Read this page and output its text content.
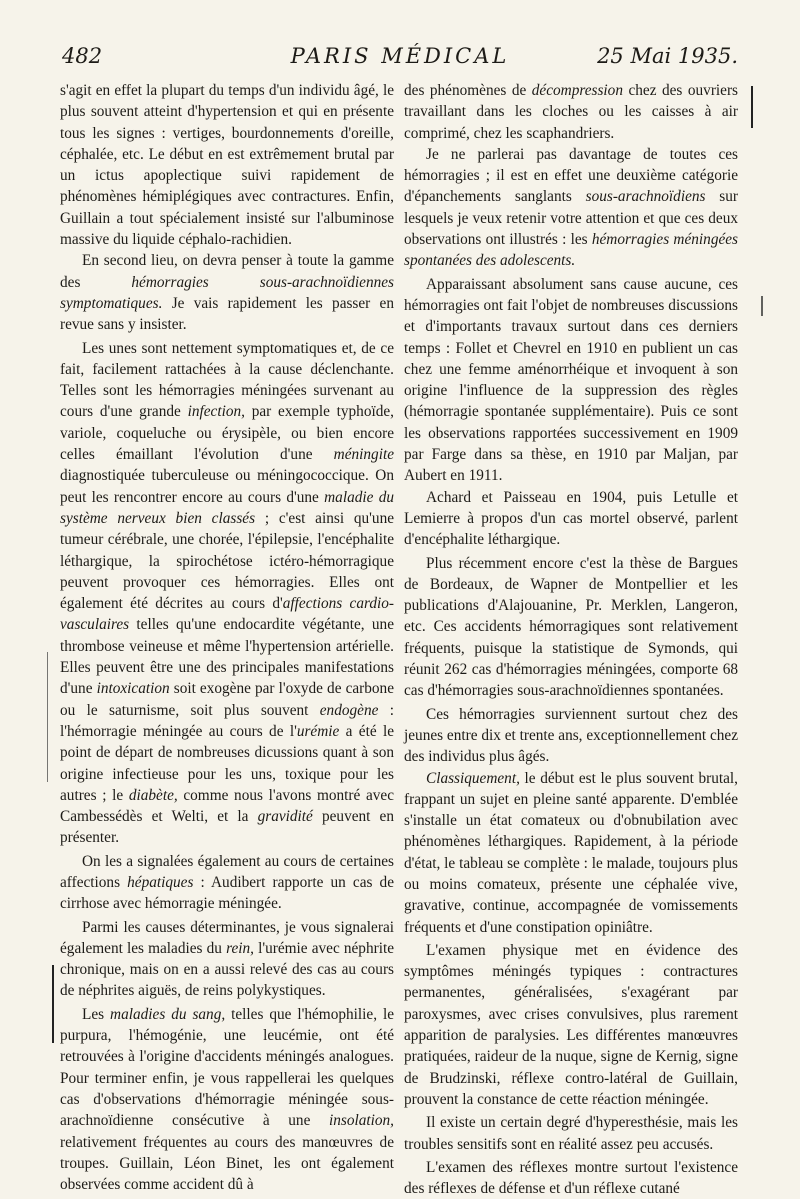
482	PARIS MÉDICAL	25 Mai 1935.

s'agit en effet la plupart du temps d'un individu âgé, le plus souvent atteint d'hypertension et qui en présente tous les signes : vertiges, bourdonnements d'oreille, céphalée, etc. Le début en est extrêmement brutal par un ictus apoplectique suivi rapidement de phénomènes hémiplégiques avec contractures. Enfin, Guillain a tout spécialement insisté sur l'albuminose massive du liquide céphalo-rachidien.

En second lieu, on devra penser à toute la gamme des hémorragies sous-arachnoïdiennes symptomatiques. Je vais rapidement les passer en revue sans y insister.

Les unes sont nettement symptomatiques et, de ce fait, facilement rattachées à la cause déclenchante. Telles sont les hémorragies méningées survenant au cours d'une grande infection, par exemple typhoïde, variole, coqueluche ou érysipèle, ou bien encore celles émaillant l'évolution d'une méningite diagnostiquée tuberculeuse ou méningococcique. On peut les rencontrer encore au cours d'une maladie du système nerveux bien classés ; c'est ainsi qu'une tumeur cérébrale, une chorée, l'épilepsie, l'encéphalite léthargique, la spirochétose ictéro-hémorragique peuvent provoquer ces hémorragies. Elles ont également été décrites au cours d'affections cardio-vasculaires telles qu'une endocardite végétante, une thrombose veineuse et même l'hypertension artérielle. Elles peuvent être une des principales manifestations d'une intoxication soit exogène par l'oxyde de carbone ou le saturnisme, soit plus souvent endogène : l'hémorragie méningée au cours de l'urémie a été le point de départ de nombreuses dicussions quant à son origine infectieuse pour les uns, toxique pour les autres ; le diabète, comme nous l'avons montré avec Cambessédès et Welti, et la gravidité peuvent en présenter.

On les a signalées également au cours de certaines affections hépatiques : Audibert rapporte un cas de cirrhose avec hémorragie méningée.

Parmi les causes déterminantes, je vous signalerai également les maladies du rein, l'urémie avec néphrite chronique, mais on en a aussi relevé des cas au cours de néphrites aiguës, de reins polykystiques.

Les maladies du sang, telles que l'hémophilie, le purpura, l'hémogénie, une leucémie, ont été retrouvées à l'origine d'accidents méningés analogues. Pour terminer enfin, je vous rappellerai les quelques cas d'observations d'hémorragie méningée sous-arachnoïdienne consécutive à une insolation, relativement fréquentes au cours des manœuvres de troupes. Guillain, Léon Binet, les ont également observées comme accident dû à

des phénomènes de décompression chez des ouvriers travaillant dans les cloches ou les caisses à air comprimé, chez les scaphandriers.

Je ne parlerai pas davantage de toutes ces hémorragies ; il est en effet une deuxième catégorie d'épanchements sanglants sous-arachnoïdiens sur lesquels je veux retenir votre attention et que ces deux observations ont illustrés : les hémorragies méningées spontanées des adolescents.

Apparaissant absolument sans cause aucune, ces hémorragies ont fait l'objet de nombreuses discussions et d'importants travaux surtout dans ces derniers temps : Follet et Chevrel en 1910 en publient un cas chez une femme aménorrhéique et invoquent à son origine l'influence de la suppression des règles (hémorragie spontanée supplémentaire). Puis ce sont les observations rapportées successivement en 1909 par Farge dans sa thèse, en 1910 par Maljan, par Aubert en 1911.

Achard et Paisseau en 1904, puis Letulle et Lemierre à propos d'un cas mortel observé, parlent d'encéphalite léthargique.

Plus récemment encore c'est la thèse de Bargues de Bordeaux, de Wapner de Montpellier et les publications d'Alajouanine, Pr. Merklen, Langeron, etc. Ces accidents hémorragiques sont relativement fréquents, puisque la statistique de Symonds, qui réunit 262 cas d'hémorragies méningées, comporte 68 cas d'hémorragies sous-arachnoïdiennes spontanées.

Ces hémorragies surviennent surtout chez des jeunes entre dix et trente ans, exceptionnellement chez des individus plus âgés.

Classiquement, le début est le plus souvent brutal, frappant un sujet en pleine santé apparente. D'emblée s'installe un état comateux ou d'obnubilation avec phénomènes léthargiques. Rapidement, à la période d'état, le tableau se complète : le malade, toujours plus ou moins comateux, présente une céphalée vive, gravative, continue, accompagnée de vomissements fréquents et d'une constipation opiniâtre.

L'examen physique met en évidence des symptômes méningés typiques : contractures permanentes, généralisées, s'exagérant par paroxysmes, avec crises convulsives, plus rarement apparition de paralysies. Les différentes manœuvres pratiquées, raideur de la nuque, signe de Kernig, signe de Brudzinski, réflexe contro-latéral de Guillain, prouvent la constance de cette réaction méningée.

Il existe un certain degré d'hyperesthésie, mais les troubles sensitifs sont en réalité assez peu accusés.

L'examen des réflexes montre surtout l'existence des réflexes de défense et d'un réflexe cutané
